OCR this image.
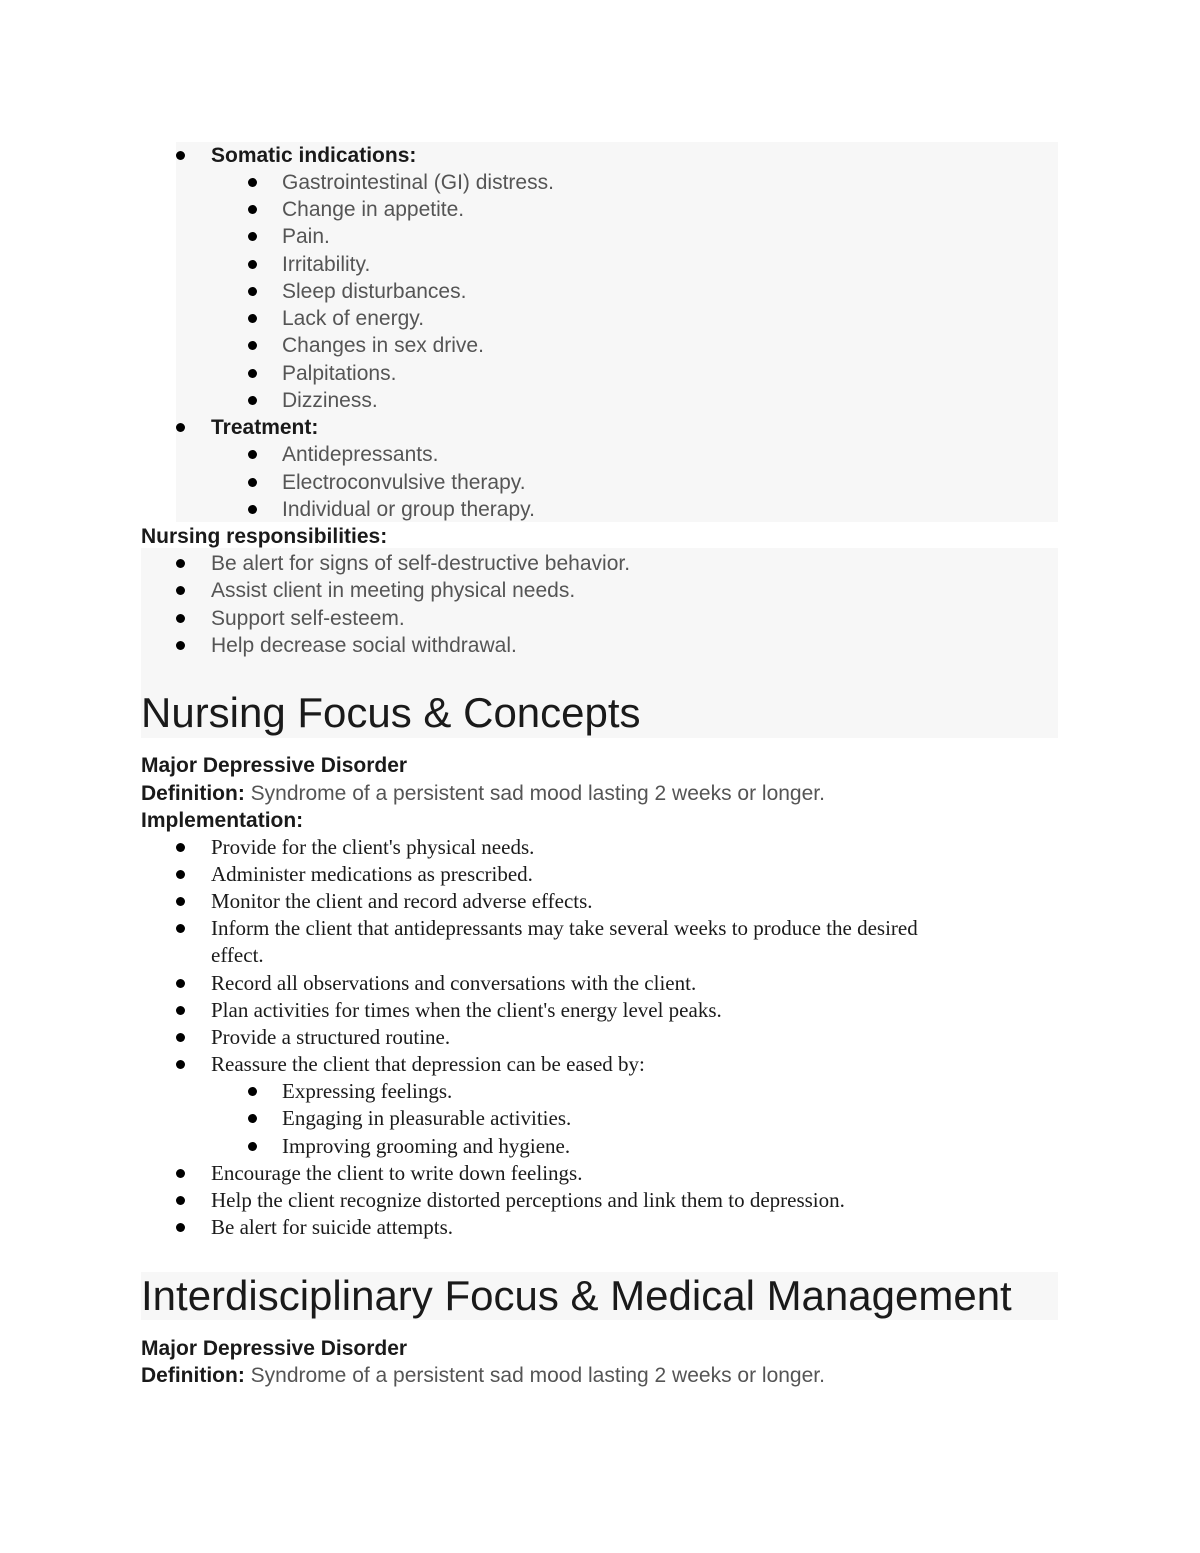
Somatic indications:
Gastrointestinal (GI) distress.
Change in appetite.
Pain.
Irritability.
Sleep disturbances.
Lack of energy.
Changes in sex drive.
Palpitations.
Dizziness.
Treatment:
Antidepressants.
Electroconvulsive therapy.
Individual or group therapy.
Nursing responsibilities:
Be alert for signs of self-destructive behavior.
Assist client in meeting physical needs.
Support self-esteem.
Help decrease social withdrawal.
Nursing Focus & Concepts
Major Depressive Disorder
Definition: Syndrome of a persistent sad mood lasting 2 weeks or longer.
Implementation:
Provide for the client's physical needs.
Administer medications as prescribed.
Monitor the client and record adverse effects.
Inform the client that antidepressants may take several weeks to produce the desired
effect.
Record all observations and conversations with the client.
Plan activities for times when the client's energy level peaks.
Provide a structured routine.
Reassure the client that depression can be eased by:
Expressing feelings.
Engaging in pleasurable activities.
Improving grooming and hygiene.
Encourage the client to write down feelings.
Help the client recognize distorted perceptions and link them to depression.
Be alert for suicide attempts.
Interdisciplinary Focus & Medical Management
Major Depressive Disorder
Definition: Syndrome of a persistent sad mood lasting 2 weeks or longer.
